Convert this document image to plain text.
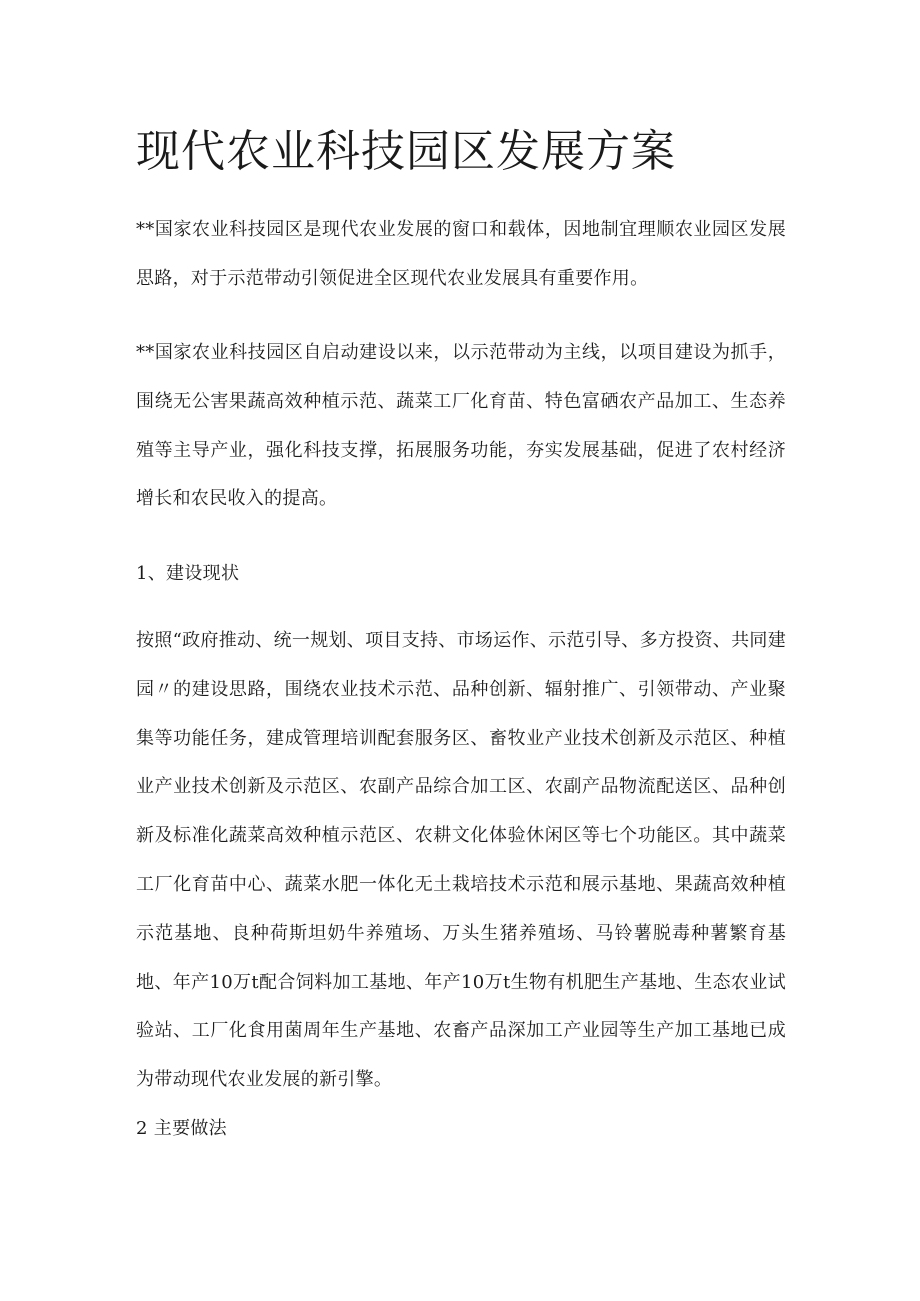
现代农业科技园区发展方案

**国家农业科技园区是现代农业发展的窗口和载体，因地制宜理顺农业园区发展思路，对于示范带动引领促进全区现代农业发展具有重要作用。

**国家农业科技园区自启动建设以来，以示范带动为主线，以项目建设为抓手，围绕无公害果蔬高效种植示范、蔬菜工厂化育苗、特色富硒农产品加工、生态养殖等主导产业，强化科技支撑，拓展服务功能，夯实发展基础，促进了农村经济增长和农民收入的提高。

1、建设现状

按照“政府推动、统一规划、项目支持、市场运作、示范引导、多方投资、共同建园〃的建设思路，围绕农业技术示范、品种创新、辐射推广、引领带动、产业聚集等功能任务，建成管理培训配套服务区、畜牧业产业技术创新及示范区、种植业产业技术创新及示范区、农副产品综合加工区、农副产品物流配送区、品种创新及标准化蔬菜高效种植示范区、农耕文化体验休闲区等七个功能区。其中蔬菜工厂化育苗中心、蔬菜水肥一体化无土栽培技术示范和展示基地、果蔬高效种植示范基地、良种荷斯坦奶牛养殖场、万头生猪养殖场、马铃薯脱毒种薯繁育基地、年产10万t配合饲料加工基地、年产10万t生物有机肥生产基地、生态农业试验站、工厂化食用菌周年生产基地、农畜产品深加工产业园等生产加工基地已成为带动现代农业发展的新引擎。

2 主要做法
